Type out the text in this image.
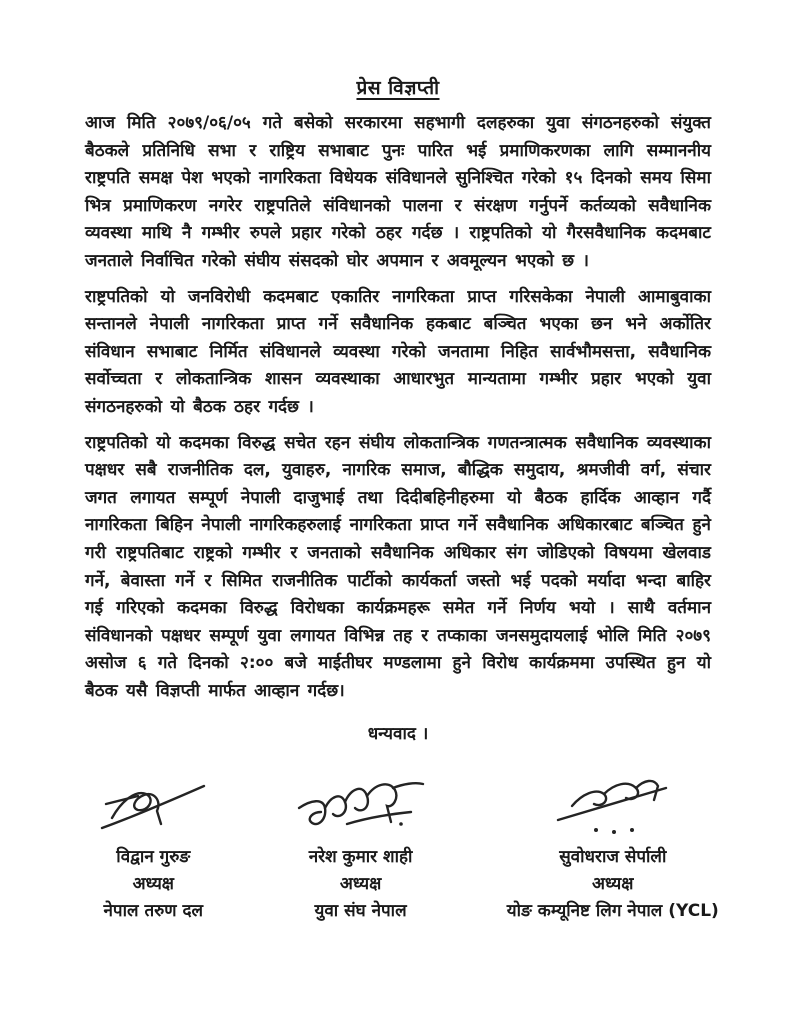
प्रेस विज्ञप्ती

आज मिति २०७९/०६/०५ गते बसेको सरकारमा सहभागी दलहरुका युवा संगठनहरुको संयुक्त बैठकले प्रतिनिधि सभा र राष्ट्रिय सभाबाट पुनः पारित भई प्रमाणिकरणका लागि सम्माननीय राष्ट्रपति समक्ष पेश भएको नागरिकता विधेयक संविधानले सुनिश्चित गरेको १५ दिनको समय सिमा भित्र प्रमाणिकरण नगरेर राष्ट्रपतिले संविधानको पालना र संरक्षण गर्नुपर्ने कर्तव्यको सवैधानिक व्यवस्था माथि नै गम्भीर रुपले प्रहार गरेको ठहर गर्दछ । राष्ट्रपतिको यो गैरसवैधानिक कदमबाट जनताले निर्वाचित गरेको संघीय संसदको घोर अपमान र अवमूल्यन भएको छ ।

राष्ट्रपतिको यो जनविरोधी कदमबाट एकातिर नागरिकता प्राप्त गरिसकेका नेपाली आमाबुवाका सन्तानले नेपाली नागरिकता प्राप्त गर्ने सवैधानिक हकबाट बञ्चित भएका छन भने अर्कोतिर संविधान सभाबाट निर्मित संविधानले व्यवस्था गरेको जनतामा निहित सार्वभौमसत्ता, सवैधानिक सर्वोच्चता र लोकतान्त्रिक शासन व्यवस्थाका आधारभुत मान्यतामा गम्भीर प्रहार भएको युवा संगठनहरुको यो बैठक ठहर गर्दछ ।

राष्ट्रपतिको यो कदमका विरुद्ध सचेत रहन संघीय लोकतान्त्रिक गणतन्त्रात्मक सवैधानिक व्यवस्थाका पक्षधर सबै राजनीतिक दल, युवाहरु, नागरिक समाज, बौद्धिक समुदाय, श्रमजीवी वर्ग, संचार जगत लगायत सम्पूर्ण नेपाली दाजुभाई तथा दिदीबहिनीहरुमा यो बैठक हार्दिक आव्हान गर्दै नागरिकता बिहिन नेपाली नागरिकहरुलाई नागरिकता प्राप्त गर्ने सवैधानिक अधिकारबाट बञ्चित हुने गरी राष्ट्रपतिबाट राष्ट्रको गम्भीर र जनताको सवैधानिक अधिकार संग जोडिएको विषयमा खेलवाड गर्ने, बेवास्ता गर्ने र सिमित राजनीतिक पार्टीको कार्यकर्ता जस्तो भई पदको मर्यादा भन्दा बाहिर गई गरिएको कदमका विरुद्ध विरोधका कार्यक्रमहरू समेत गर्ने निर्णय भयो । साथै वर्तमान संविधानको पक्षधर सम्पूर्ण युवा लगायत विभिन्न तह र तप्काका जनसमुदायलाई भोलि मिति २०७९ असोज ६ गते दिनको २:०० बजे माईतीघर मण्डलामा हुने विरोध कार्यक्रममा उपस्थित हुन यो बैठक यसै विज्ञप्ती मार्फत आव्हान गर्दछ।

धन्यवाद ।

विद्वान गुरुङ
अध्यक्ष
नेपाल तरुण दल
नरेश कुमार शाही
अध्यक्ष
युवा संघ नेपाल
सुवोधराज सेर्पाली
अध्यक्ष
योङ कम्यूनिष्ट लिग नेपाल (YCL)
